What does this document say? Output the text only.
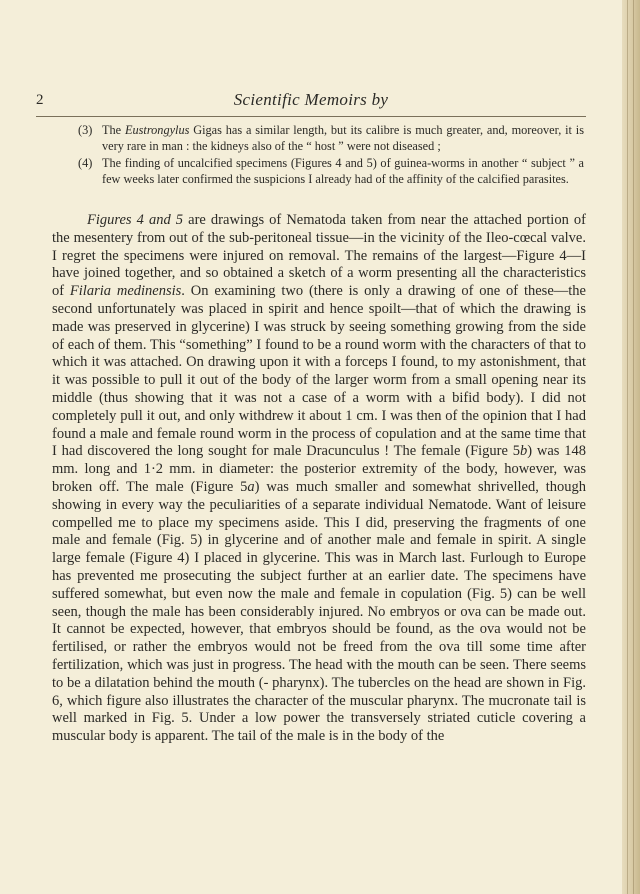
2	Scientific Memoirs by
(3) The Eustrongylus Gigas has a similar length, but its calibre is much greater, and, moreover, it is very rare in man : the kidneys also of the “ host ” were not diseased ;
(4) The finding of uncalcified specimens (Figures 4 and 5) of guinea-worms in another “ subject ” a few weeks later confirmed the suspicions I already had of the affinity of the calcified parasites.

Figures 4 and 5 are drawings of Nematoda taken from near the attached portion of the mesentery from out of the sub-peritoneal tissue—in the vicinity of the Ileo-cœcal valve. I regret the specimens were injured on removal. The remains of the largest—Figure 4—I have joined together, and so obtained a sketch of a worm presenting all the characteristics of Filaria medinensis. On examining two (there is only a drawing of one of these—the second unfortunately was placed in spirit and hence spoilt—that of which the drawing is made was preserved in glycerine) I was struck by seeing something growing from the side of each of them. This “something” I found to be a round worm with the characters of that to which it was attached. On drawing upon it with a forceps I found, to my astonishment, that it was possible to pull it out of the body of the larger worm from a small opening near its middle (thus showing that it was not a case of a worm with a bifid body). I did not completely pull it out, and only withdrew it about 1 cm. I was then of the opinion that I had found a male and female round worm in the process of copulation and at the same time that I had discovered the long sought for male Dracunculus ! The female (Figure 5b) was 148 mm. long and 1·2 mm. in diameter: the posterior extremity of the body, however, was broken off. The male (Figure 5a) was much smaller and somewhat shrivelled, though showing in every way the peculiarities of a separate individual Nematode. Want of leisure compelled me to place my specimens aside. This I did, preserving the fragments of one male and female (Fig. 5) in glycerine and of another male and female in spirit. A single large female (Figure 4) I placed in glycerine. This was in March last. Furlough to Europe has prevented me prosecuting the subject further at an earlier date. The specimens have suffered somewhat, but even now the male and female in copulation (Fig. 5) can be well seen, though the male has been considerably injured. No embryos or ova can be made out. It cannot be expected, however, that embryos should be found, as the ova would not be fertilised, or rather the embryos would not be freed from the ova till some time after fertilization, which was just in progress. The head with the mouth can be seen. There seems to be a dilatation behind the mouth (- pharynx). The tubercles on the head are shown in Fig. 6, which figure also illustrates the character of the muscular pharynx. The mucronate tail is well marked in Fig. 5. Under a low power the transversely striated cuticle covering a muscular body is apparent. The tail of the male is in the body of the
